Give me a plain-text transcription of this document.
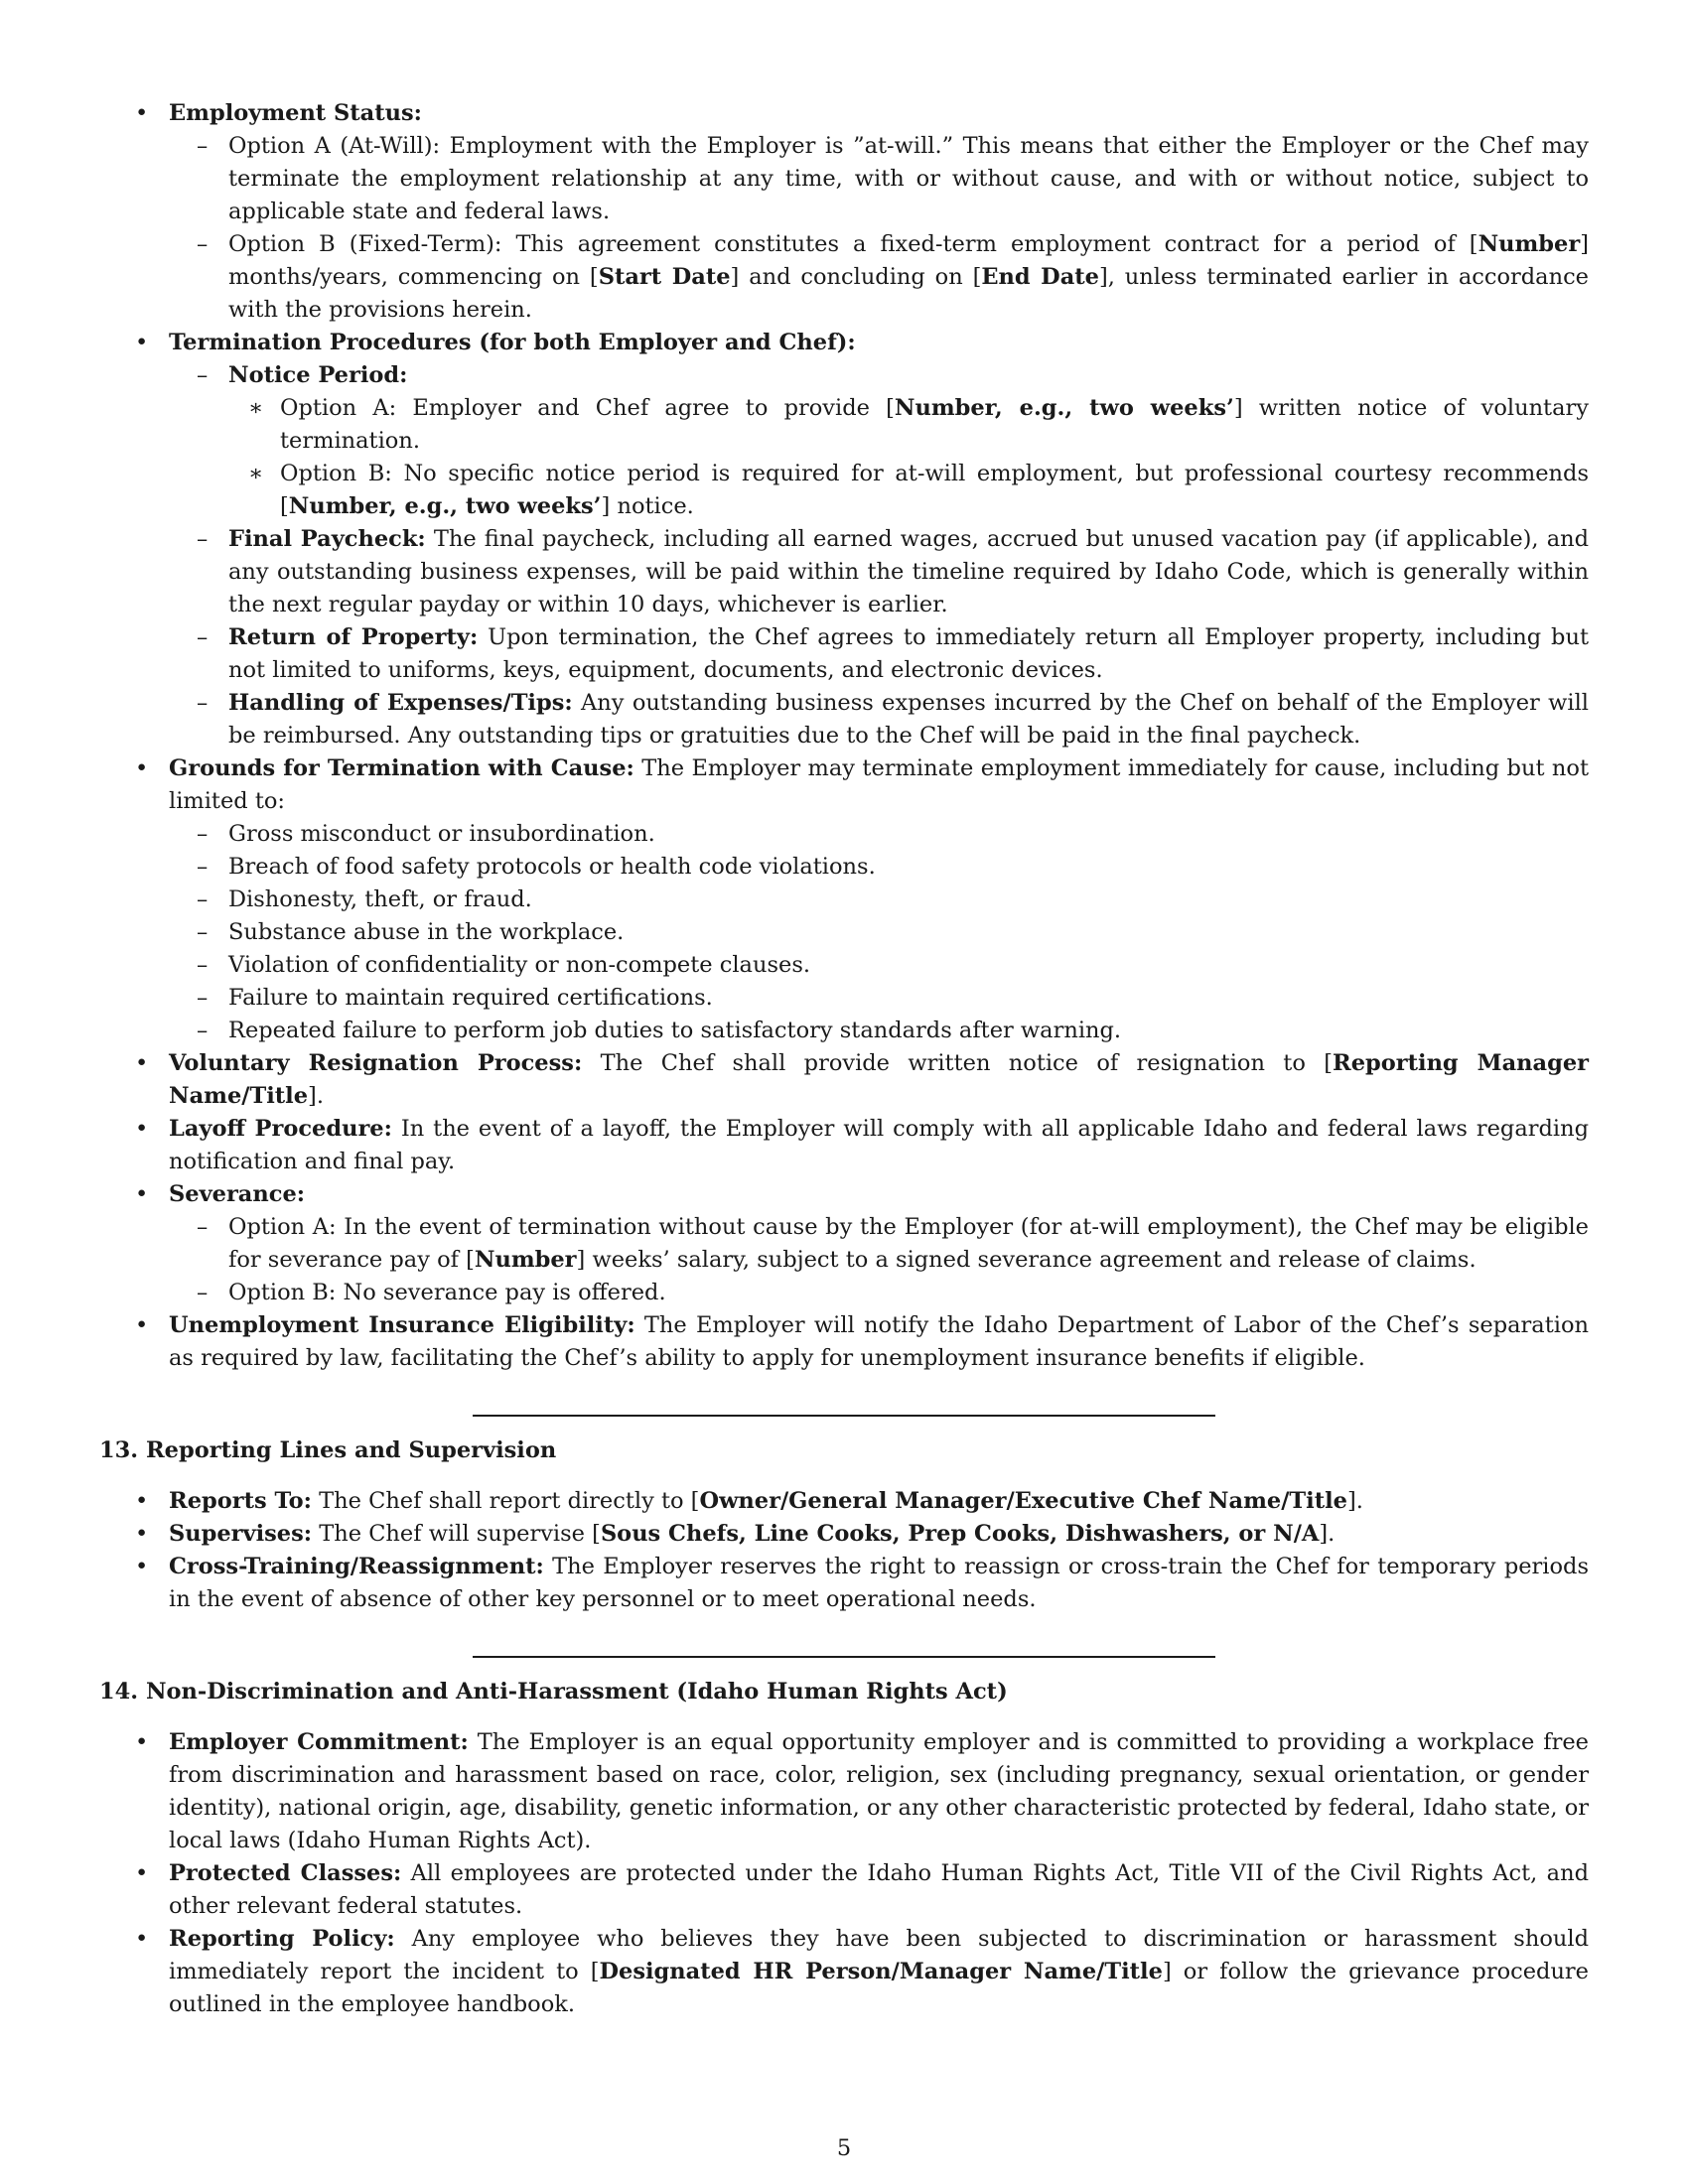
• Employment Status:
– Option A (At-Will): Employment with the Employer is ”at-will.” This means that either the Employer or the Chef may terminate the employment relationship at any time, with or without cause, and with or without notice, subject to applicable state and federal laws.
– Option B (Fixed-Term): This agreement constitutes a fixed-term employment contract for a period of [Number] months/years, commencing on [Start Date] and concluding on [End Date], unless terminated earlier in accordance with the provisions herein.
• Termination Procedures (for both Employer and Chef):
– Notice Period:
∗ Option A: Employer and Chef agree to provide [Number, e.g., two weeks’] written notice of voluntary termination.
∗ Option B: No specific notice period is required for at-will employment, but professional courtesy recommends [Number, e.g., two weeks’] notice.
– Final Paycheck: The final paycheck, including all earned wages, accrued but unused vacation pay (if applicable), and any outstanding business expenses, will be paid within the timeline required by Idaho Code, which is generally within the next regular payday or within 10 days, whichever is earlier.
– Return of Property: Upon termination, the Chef agrees to immediately return all Employer property, including but not limited to uniforms, keys, equipment, documents, and electronic devices.
– Handling of Expenses/Tips: Any outstanding business expenses incurred by the Chef on behalf of the Employer will be reimbursed. Any outstanding tips or gratuities due to the Chef will be paid in the final paycheck.
• Grounds for Termination with Cause: The Employer may terminate employment immediately for cause, including but not limited to:
– Gross misconduct or insubordination.
– Breach of food safety protocols or health code violations.
– Dishonesty, theft, or fraud.
– Substance abuse in the workplace.
– Violation of confidentiality or non-compete clauses.
– Failure to maintain required certifications.
– Repeated failure to perform job duties to satisfactory standards after warning.
• Voluntary Resignation Process: The Chef shall provide written notice of resignation to [Reporting Manager Name/Title].
• Layoff Procedure: In the event of a layoff, the Employer will comply with all applicable Idaho and federal laws regarding notification and final pay.
• Severance:
– Option A: In the event of termination without cause by the Employer (for at-will employment), the Chef may be eligible for severance pay of [Number] weeks’ salary, subject to a signed severance agreement and release of claims.
– Option B: No severance pay is offered.
• Unemployment Insurance Eligibility: The Employer will notify the Idaho Department of Labor of the Chef’s separation as required by law, facilitating the Chef’s ability to apply for unemployment insurance benefits if eligible.
13. Reporting Lines and Supervision
• Reports To: The Chef shall report directly to [Owner/General Manager/Executive Chef Name/Title].
• Supervises: The Chef will supervise [Sous Chefs, Line Cooks, Prep Cooks, Dishwashers, or N/A].
• Cross-Training/Reassignment: The Employer reserves the right to reassign or cross-train the Chef for temporary periods in the event of absence of other key personnel or to meet operational needs.
14. Non-Discrimination and Anti-Harassment (Idaho Human Rights Act)
• Employer Commitment: The Employer is an equal opportunity employer and is committed to providing a workplace free from discrimination and harassment based on race, color, religion, sex (including pregnancy, sexual orientation, or gender identity), national origin, age, disability, genetic information, or any other characteristic protected by federal, Idaho state, or local laws (Idaho Human Rights Act).
• Protected Classes: All employees are protected under the Idaho Human Rights Act, Title VII of the Civil Rights Act, and other relevant federal statutes.
• Reporting Policy: Any employee who believes they have been subjected to discrimination or harassment should immediately report the incident to [Designated HR Person/Manager Name/Title] or follow the grievance procedure outlined in the employee handbook.
5
